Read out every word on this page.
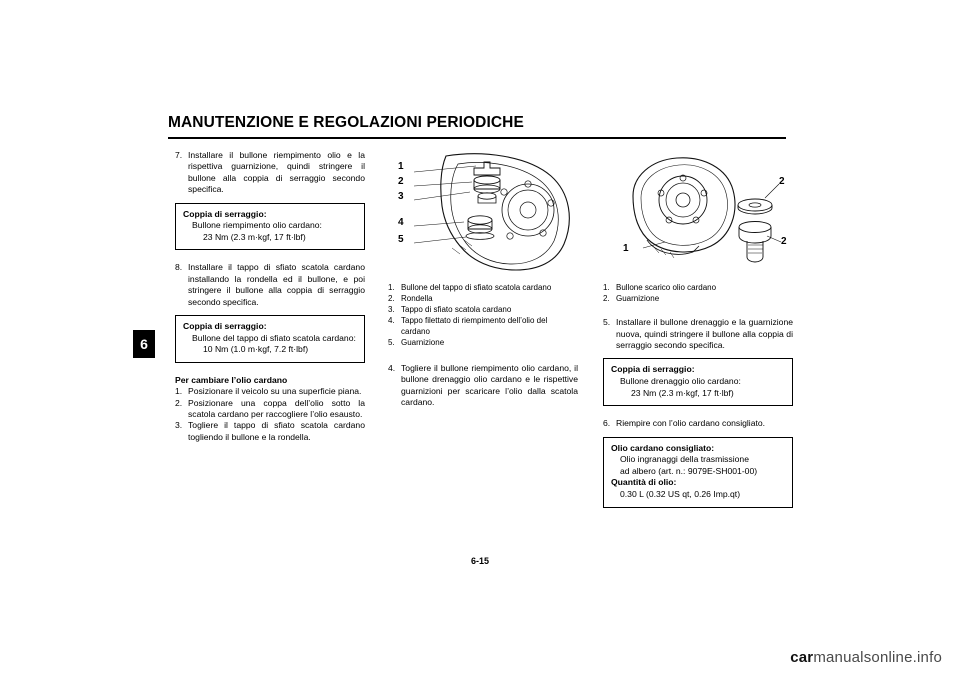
MANUTENZIONE E REGOLAZIONI PERIODICHE
6
7. Installare il bullone riempimento olio e la rispettiva guarnizione, quindi stringere il bullone alla coppia di serraggio secondo specifica.
Coppia di serraggio:
Bullone riempimento olio cardano:
23 Nm (2.3 m·kgf, 17 ft·lbf)
8. Installare il tappo di sfiato scatola cardano installando la rondella ed il bullone, e poi stringere il bullone alla coppia di serraggio secondo specifica.
Coppia di serraggio:
Bullone del tappo di sfiato scatola cardano:
10 Nm (1.0 m·kgf, 7.2 ft·lbf)
Per cambiare l’olio cardano
1. Posizionare il veicolo su una superficie piana.
2. Posizionare una coppa dell’olio sotto la scatola cardano per raccogliere l’olio esausto.
3. Togliere il tappo di sfiato scatola cardano togliendo il bullone e la rondella.
1
2
3
4
5
1. Bullone del tappo di sfiato scatola cardano
2. Rondella
3. Tappo di sfiato scatola cardano
4. Tappo filettato di riempimento dell’olio del
cardano
5. Guarnizione
4. Togliere il bullone riempimento olio cardano, il bullone drenaggio olio cardano e le rispettive guarnizioni per scaricare l’olio dalla scatola cardano.
1
2
2
1. Bullone scarico olio cardano
2. Guarnizione
5. Installare il bullone drenaggio e la guarnizione nuova, quindi stringere il bullone alla coppia di serraggio secondo specifica.
Coppia di serraggio:
Bullone drenaggio olio cardano:
23 Nm (2.3 m·kgf, 17 ft·lbf)
6. Riempire con l’olio cardano consigliato.
Olio cardano consigliato:
Olio ingranaggi della trasmissione
ad albero (art. n.: 9079E-SH001-00)
Quantità di olio:
0.30 L (0.32 US qt, 0.26 Imp.qt)
6-15
carmanualsonline.info
